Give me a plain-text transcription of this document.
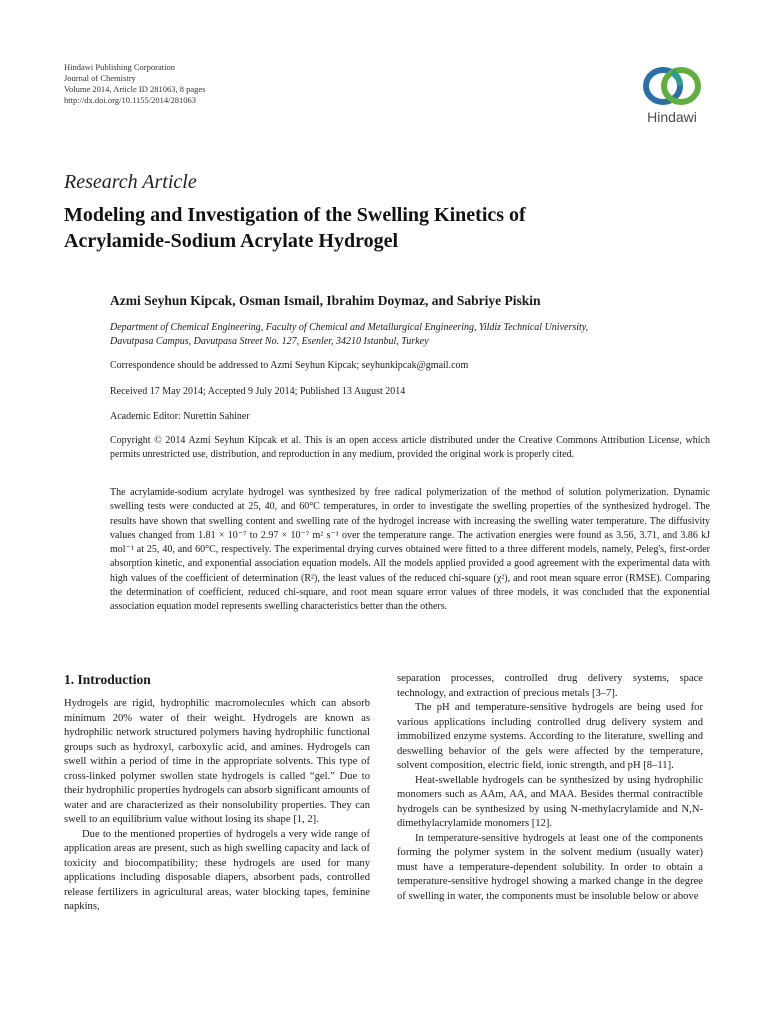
Hindawi Publishing Corporation
Journal of Chemistry
Volume 2014, Article ID 281063, 8 pages
http://dx.doi.org/10.1155/2014/281063
Hindawi
Research Article
Modeling and Investigation of the Swelling Kinetics of
Acrylamide-Sodium Acrylate Hydrogel
Azmi Seyhun Kipcak, Osman Ismail, Ibrahim Doymaz, and Sabriye Piskin
Department of Chemical Engineering, Faculty of Chemical and Metallurgical Engineering, Yildiz Technical University,
Davutpasa Campus, Davutpasa Street No. 127, Esenler, 34210 Istanbul, Turkey
Correspondence should be addressed to Azmi Seyhun Kipcak; seyhunkipcak@gmail.com
Received 17 May 2014; Accepted 9 July 2014; Published 13 August 2014
Academic Editor: Nurettin Sahiner
Copyright © 2014 Azmi Seyhun Kipcak et al. This is an open access article distributed under the Creative Commons Attribution License, which permits unrestricted use, distribution, and reproduction in any medium, provided the original work is properly cited.
The acrylamide-sodium acrylate hydrogel was synthesized by free radical polymerization of the method of solution polymerization. Dynamic swelling tests were conducted at 25, 40, and 60°C temperatures, in order to investigate the swelling properties of the synthesized hydrogel. The results have shown that swelling content and swelling rate of the hydrogel increase with increasing the swelling water temperature. The diffusivity values changed from 1.81 × 10⁻⁷ to 2.97 × 10⁻⁷ m² s⁻¹ over the temperature range. The activation energies were found as 3.56, 3.71, and 3.86 kJ mol⁻¹ at 25, 40, and 60°C, respectively. The experimental drying curves obtained were fitted to a three different models, namely, Peleg's, first-order absorption kinetic, and exponential association equation models. All the models applied provided a good agreement with the experimental data with high values of the coefficient of determination (R²), the least values of the reduced chi-square (χ²), and root mean square error (RMSE). Comparing the determination of coefficient, reduced chi-square, and root mean square error values of three models, it was concluded that the exponential association equation model represents swelling characteristics better than the others.
1. Introduction

Hydrogels are rigid, hydrophilic macromolecules which can absorb minimum 20% water of their weight. Hydrogels are known as hydrophilic network structured polymers having hydrophilic functional groups such as hydroxyl, carboxylic acid, and amines. Hydrogels can swell within a period of time in the appropriate solvents. This type of cross-linked polymer swollen state hydrogels is called “gel.” Due to their hydrophilic properties hydrogels can absorb significant amounts of water and are characterized as their nonsolubility properties. They can swell to an equilibrium value without losing its shape [1, 2].

Due to the mentioned properties of hydrogels a very wide range of application areas are present, such as high swelling capacity and lack of toxicity and biocompatibility; these hydrogels are used for many applications including disposable diapers, absorbent pads, controlled release fertilizers in agricultural areas, water blocking tapes, feminine napkins,

separation processes, controlled drug delivery systems, space technology, and extraction of precious metals [3–7].

The pH and temperature-sensitive hydrogels are being used for various applications including controlled drug delivery system and immobilized enzyme systems. According to the literature, swelling and deswelling behavior of the gels were affected by the temperature, solvent composition, electric field, ionic strength, and pH [8–11].

Heat-swellable hydrogels can be synthesized by using hydrophilic monomers such as AAm, AA, and MAA. Besides thermal contractible hydrogels can be synthesized by using N-methylacrylamide and N,N-dimethylacrylamide monomers [12].

In temperature-sensitive hydrogels at least one of the components forming the polymer system in the solvent medium (usually water) must have a temperature-dependent solubility. In order to obtain a temperature-sensitive hydrogel showing a marked change in the degree of swelling in water, the components must be insoluble below or above
